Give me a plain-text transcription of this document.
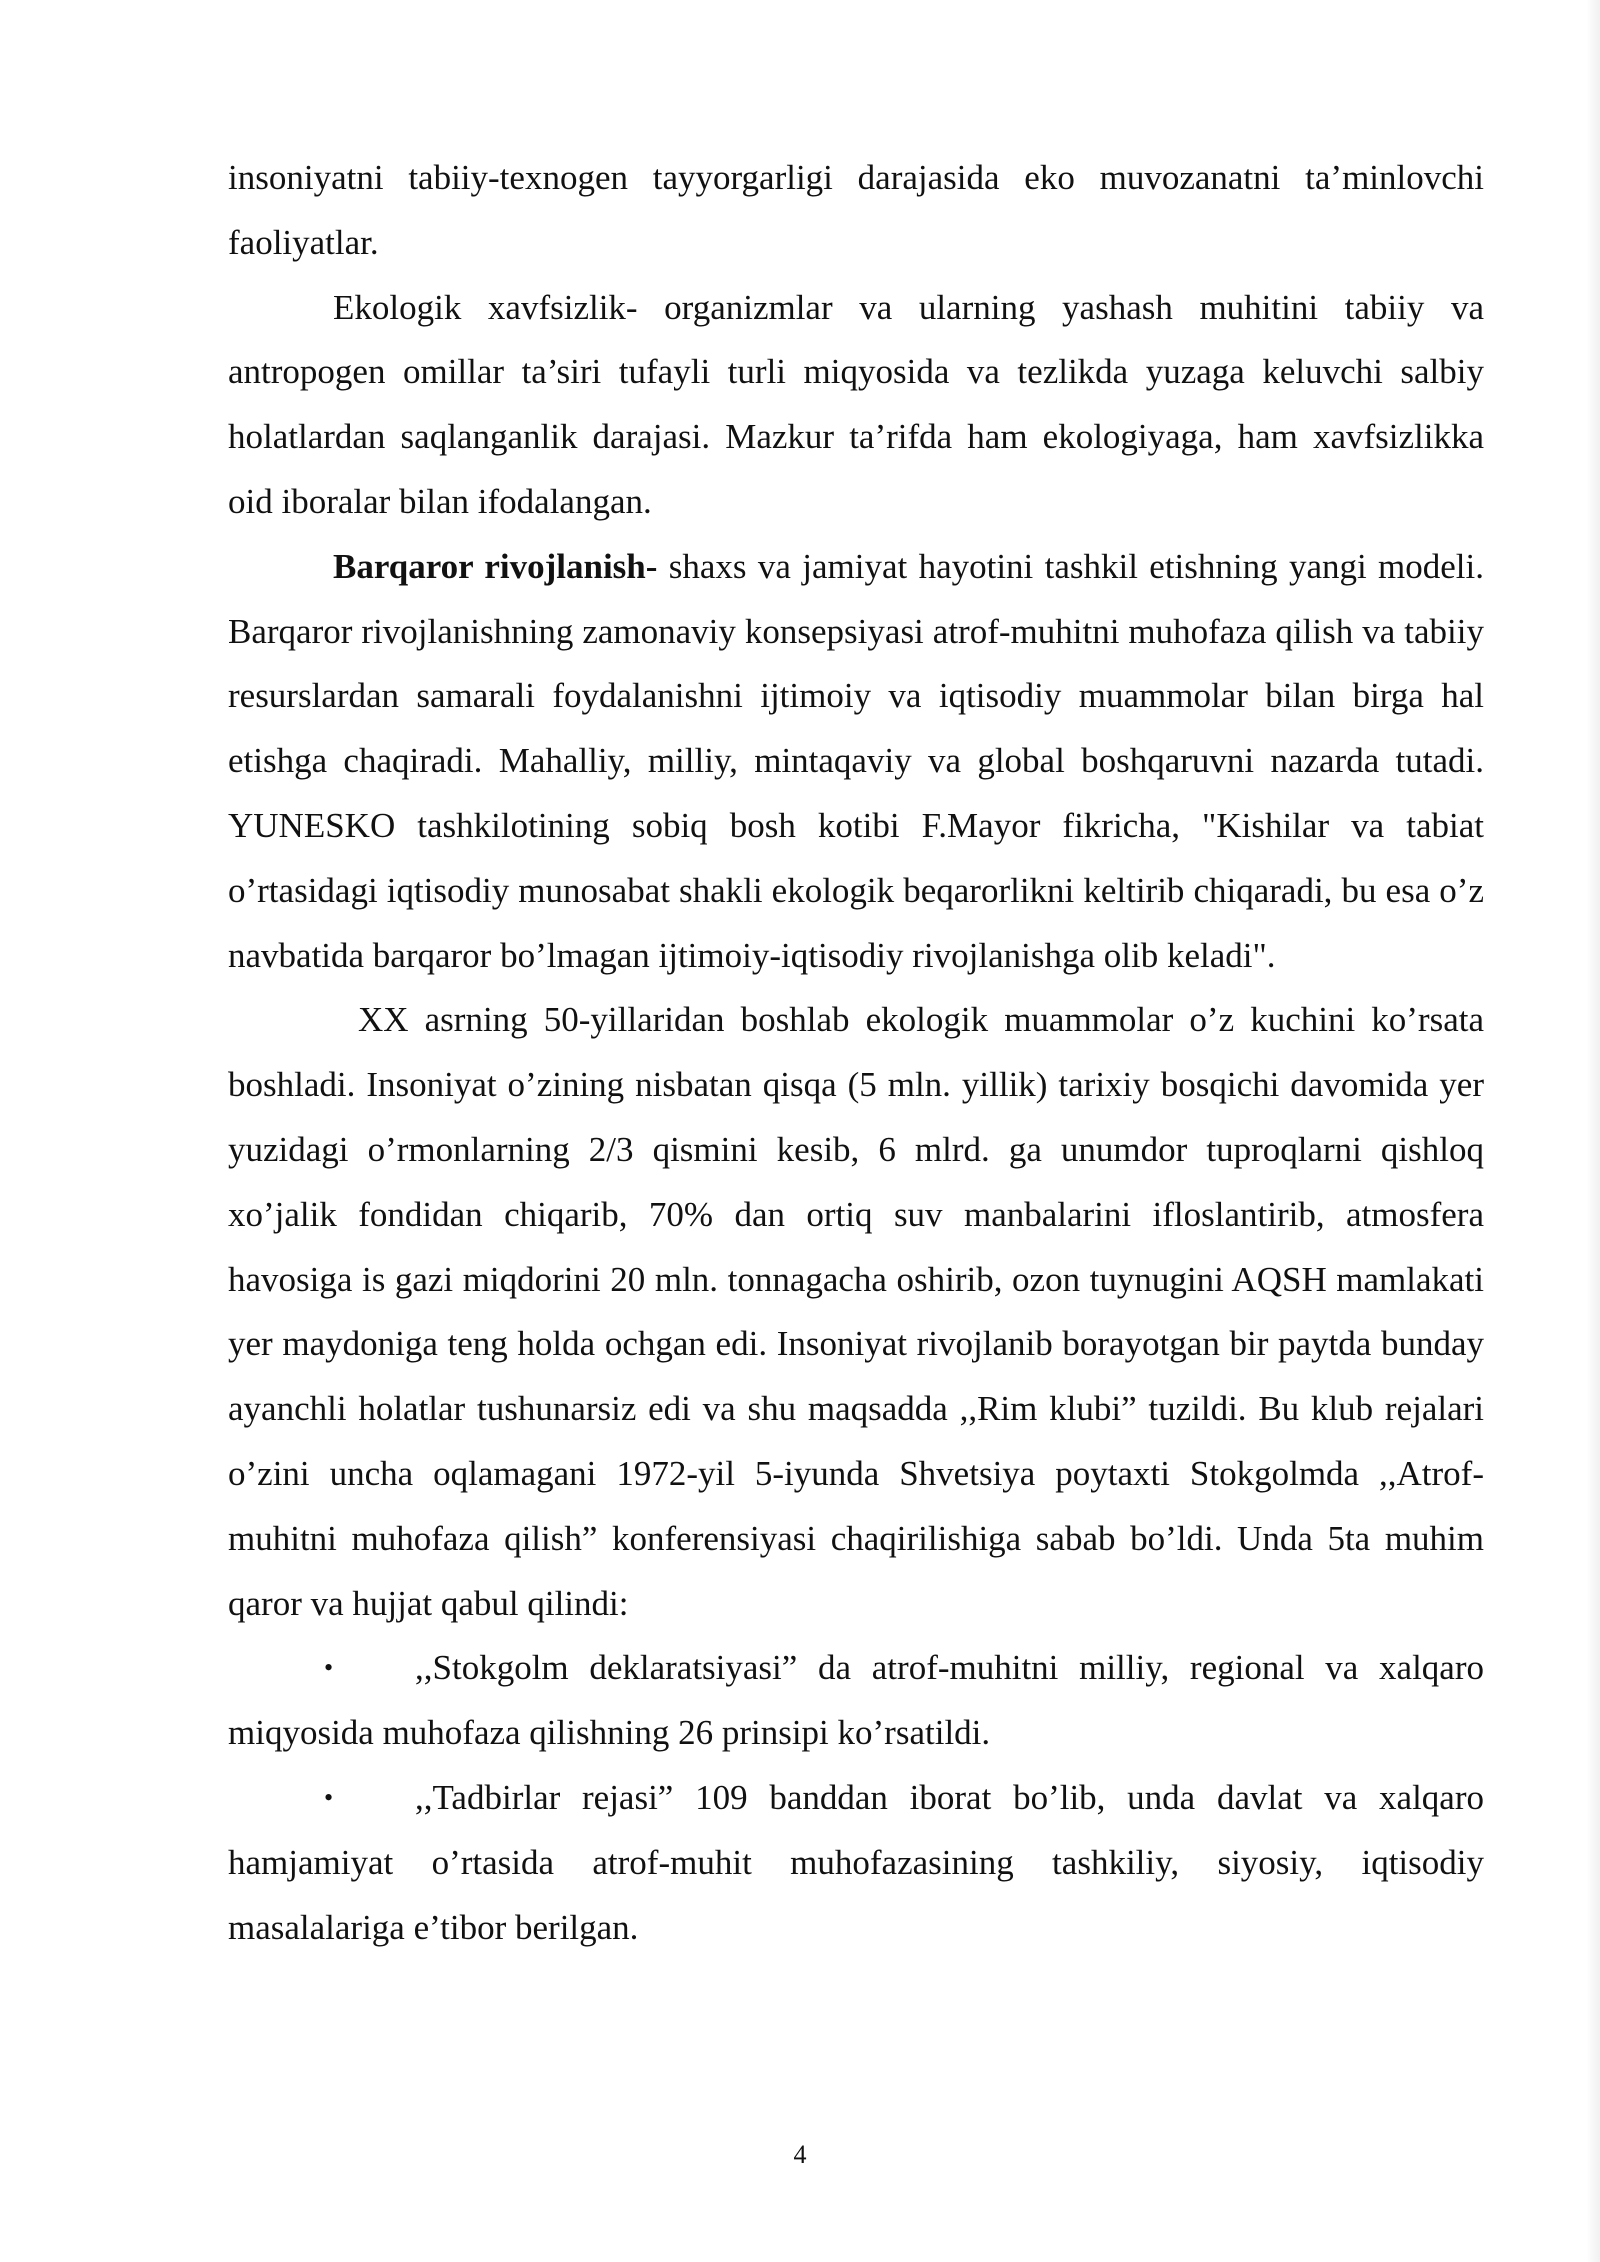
insoniyatni tabiiy-texnogen tayyorgarligi darajasida eko muvozanatni ta’minlovchi faoliyatlar.

Ekologik xavfsizlik- organizmlar va ularning yashash muhitini tabiiy va antropogen omillar ta’siri tufayli turli miqyosida va tezlikda yuzaga keluvchi salbiy holatlardan saqlanganlik darajasi. Mazkur ta’rifda ham ekologiyaga, ham xavfsizlikka oid iboralar bilan ifodalangan.

Barqaror rivojlanish- shaxs va jamiyat hayotini tashkil etishning yangi modeli. Barqaror rivojlanishning zamonaviy konsepsiyasi atrof-muhitni muhofaza qilish va tabiiy resurslardan samarali foydalanishni ijtimoiy va iqtisodiy muammolar bilan birga hal etishga chaqiradi. Mahalliy, milliy, mintaqaviy va global boshqaruvni nazarda tutadi. YUNESKO tashkilotining sobiq bosh kotibi F.Mayor fikricha, "Kishilar va tabiat o’rtasidagi iqtisodiy munosabat shakli ekologik beqarorlikni keltirib chiqaradi, bu esa o’z navbatida barqaror bo’lmagan ijtimoiy-iqtisodiy rivojlanishga olib keladi".

XX asrning 50-yillaridan boshlab ekologik muammolar o’z kuchini ko’rsata boshladi. Insoniyat o’zining nisbatan qisqa (5 mln. yillik) tarixiy bosqichi davomida yer yuzidagi o’rmonlarning 2/3 qismini kesib, 6 mlrd. ga unumdor tuproqlarni qishloq xo’jalik fondidan chiqarib, 70% dan ortiq suv manbalarini ifloslantirib, atmosfera havosiga is gazi miqdorini 20 mln. tonnagacha oshirib, ozon tuynugini AQSH mamlakati yer maydoniga teng holda ochgan edi. Insoniyat rivojlanib borayotgan bir paytda bunday ayanchli holatlar tushunarsiz edi va shu maqsadda ,,Rim klubi” tuzildi. Bu klub rejalari o’zini uncha oqlamagani 1972-yil 5-iyunda Shvetsiya poytaxti Stokgolmda ,,Atrof-muhitni muhofaza qilish” konferensiyasi chaqirilishiga sabab bo’ldi. Unda 5ta muhim qaror va hujjat qabul qilindi:

• ,,Stokgolm deklaratsiyasi” da atrof-muhitni milliy, regional va xalqaro miqyosida muhofaza qilishning 26 prinsipi ko’rsatildi.

• ,,Tadbirlar rejasi” 109 banddan iborat bo’lib, unda davlat va xalqaro hamjamiyat o’rtasida atrof-muhit muhofazasining tashkiliy, siyosiy, iqtisodiy masalalariga e’tibor berilgan.

4
